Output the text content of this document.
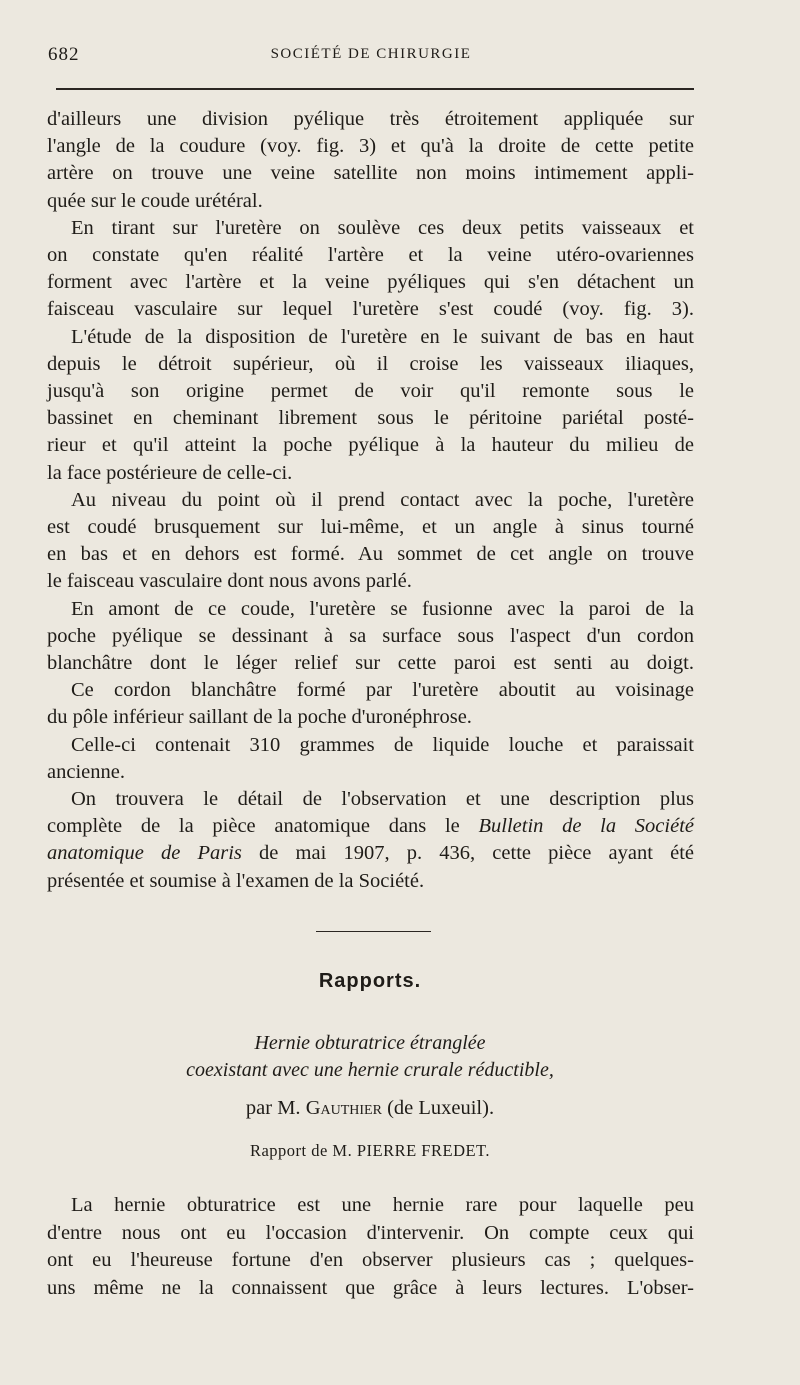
682	SOCIÉTÉ DE CHIRURGIE

d'ailleurs une division pyélique très étroitement appliquée sur
l'angle de la coudure (voy. fig. 3) et qu'à la droite de cette petite
artère on trouve une veine satellite non moins intimement appli-
quée sur le coude urétéral.

En tirant sur l'uretère on soulève ces deux petits vaisseaux et
on constate qu'en réalité l'artère et la veine utéro-ovariennes
forment avec l'artère et la veine pyéliques qui s'en détachent un
faisceau vasculaire sur lequel l'uretère s'est coudé (voy. fig. 3).

L'étude de la disposition de l'uretère en le suivant de bas en haut
depuis le détroit supérieur, où il croise les vaisseaux iliaques,
jusqu'à son origine permet de voir qu'il remonte sous le
bassinet en cheminant librement sous le péritoine pariétal posté-
rieur et qu'il atteint la poche pyélique à la hauteur du milieu de
la face postérieure de celle-ci.

Au niveau du point où il prend contact avec la poche, l'uretère
est coudé brusquement sur lui-même, et un angle à sinus tourné
en bas et en dehors est formé. Au sommet de cet angle on trouve
le faisceau vasculaire dont nous avons parlé.

En amont de ce coude, l'uretère se fusionne avec la paroi de la
poche pyélique se dessinant à sa surface sous l'aspect d'un cordon
blanchâtre dont le léger relief sur cette paroi est senti au doigt.

Ce cordon blanchâtre formé par l'uretère aboutit au voisinage
du pôle inférieur saillant de la poche d'uronéphrose.

Celle-ci contenait 310 grammes de liquide louche et paraissait
ancienne.

On trouvera le détail de l'observation et une description plus
complète de la pièce anatomique dans le Bulletin de la Société
anatomique de Paris de mai 1907, p. 436, cette pièce ayant été
présentée et soumise à l'examen de la Société.

Rapports.
Hernie obturatrice étranglée
coexistant avec une hernie crurale réductible,
par M. Gauthier (de Luxeuil).
Rapport de M. PIERRE FREDET.

La hernie obturatrice est une hernie rare pour laquelle peu
d'entre nous ont eu l'occasion d'intervenir. On compte ceux qui
ont eu l'heureuse fortune d'en observer plusieurs cas ; quelques-
uns même ne la connaissent que grâce à leurs lectures. L'obser-
